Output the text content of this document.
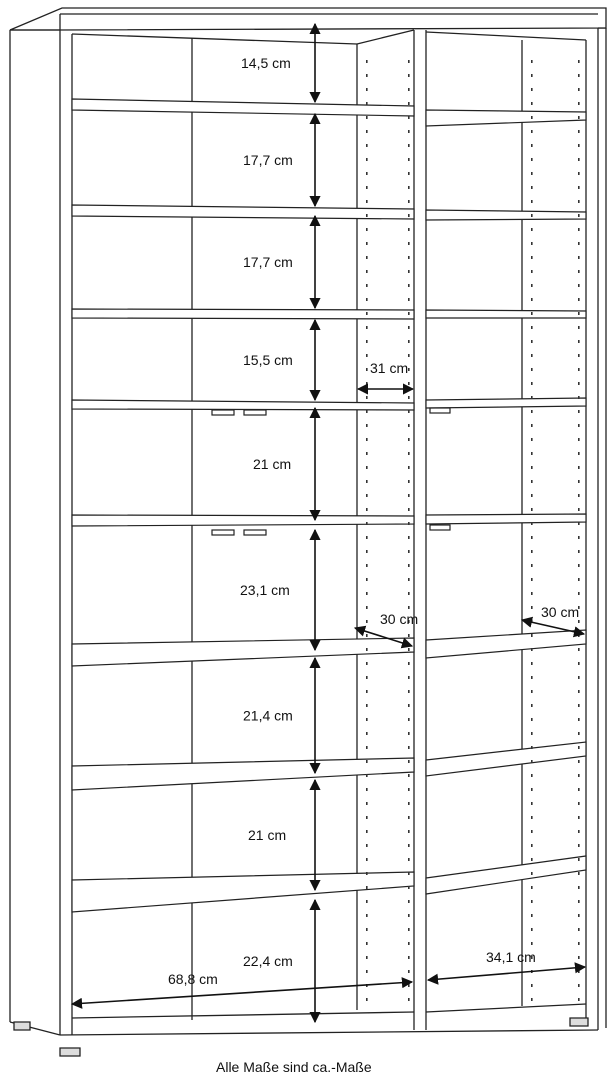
14,5 cm
17,7 cm
17,7 cm
15,5 cm
21 cm
23,1 cm
21,4 cm
21 cm
22,4 cm
31 cm
30 cm	30 cm
68,8 cm
34,1 cm
Alle Maße sind ca.-Maße
